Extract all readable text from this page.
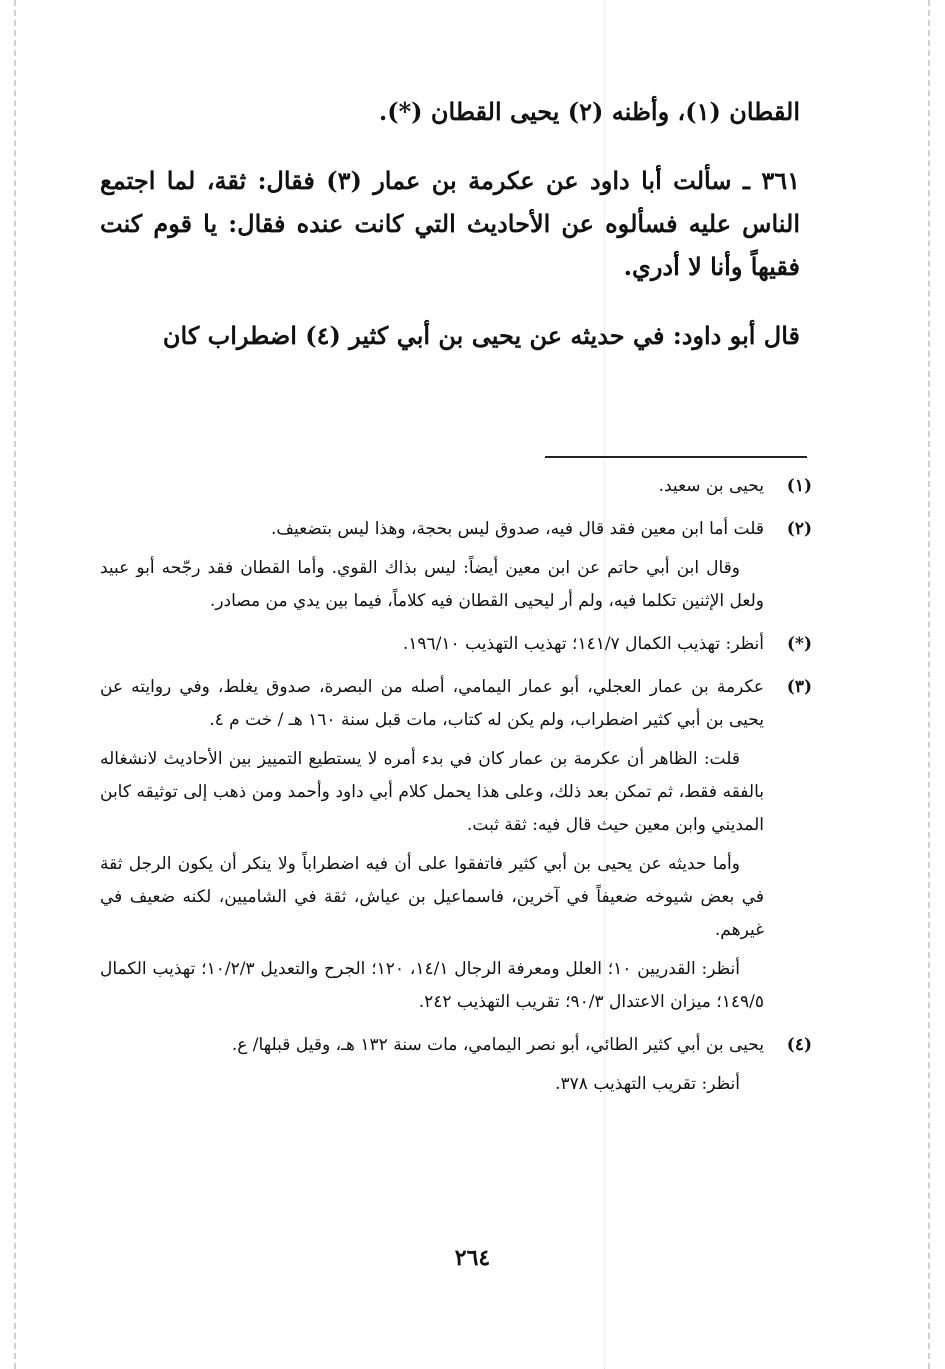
القطان (١)، وأظنه (٢) يحيى القطان (*).

٣٦١ ـ سألت أبا داود عن عكرمة بن عمار (٣) فقال: ثقة، لما اجتمع الناس عليه فسألوه عن الأحاديث التي كانت عنده فقال: يا قوم كنت فقيهاً وأنا لا أدري.

قال أبو داود: في حديثه عن يحيى بن أبي كثير (٤) اضطراب كان

(١)

يحيى بن سعيد.

(٢)

قلت أما ابن معين فقد قال فيه، صدوق ليس بحجة، وهذا ليس بتضعيف.

وقال ابن أبي حاتم عن ابن معين أيضاً: ليس بذاك القوي. وأما القطان فقد رجّحه أبو عبيد ولعل الإثنين تكلما فيه، ولم أر ليحيى القطان فيه كلاماً، فيما بين يدي من مصادر.

(*)

أنظر: تهذيب الكمال ١٤١/٧؛ تهذيب التهذيب ١٩٦/١٠.

(٣)

عكرمة بن عمار العجلي، أبو عمار اليمامي، أصله من البصرة، صدوق يغلط، وفي روايته عن يحيى بن أبي كثير اضطراب، ولم يكن له كتاب، مات قبل سنة ١٦٠ هـ / خت م ٤.

قلت: الظاهر أن عكرمة بن عمار كان في بدء أمره لا يستطيع التمييز بين الأحاديث لانشغاله بالفقه فقط، ثم تمكن بعد ذلك، وعلى هذا يحمل كلام أبي داود وأحمد ومن ذهب إلى توثيقه كابن المديني وابن معين حيث قال فيه: ثقة ثبت.

وأما حديثه عن يحيى بن أبي كثير فاتفقوا على أن فيه اضطراباً ولا ينكر أن يكون الرجل ثقة في بعض شيوخه ضعيفاً في آخرين، فاسماعيل بن عياش، ثقة في الشاميين، لكنه ضعيف في غيرهم.

أنظر: القدريين ١٠؛ العلل ومعرفة الرجال ١٤/١، ١٢٠؛ الجرح والتعديل ١٠/٢/٣؛ تهذيب الكمال ١٤٩/٥؛ ميزان الاعتدال ٩٠/٣؛ تقريب التهذيب ٢٤٢.

(٤)

يحيى بن أبي كثير الطائي، أبو نصر اليمامي، مات سنة ١٣٢ هـ، وقيل قبلها/ ع.

أنظر: تقريب التهذيب ٣٧٨.

٢٦٤
